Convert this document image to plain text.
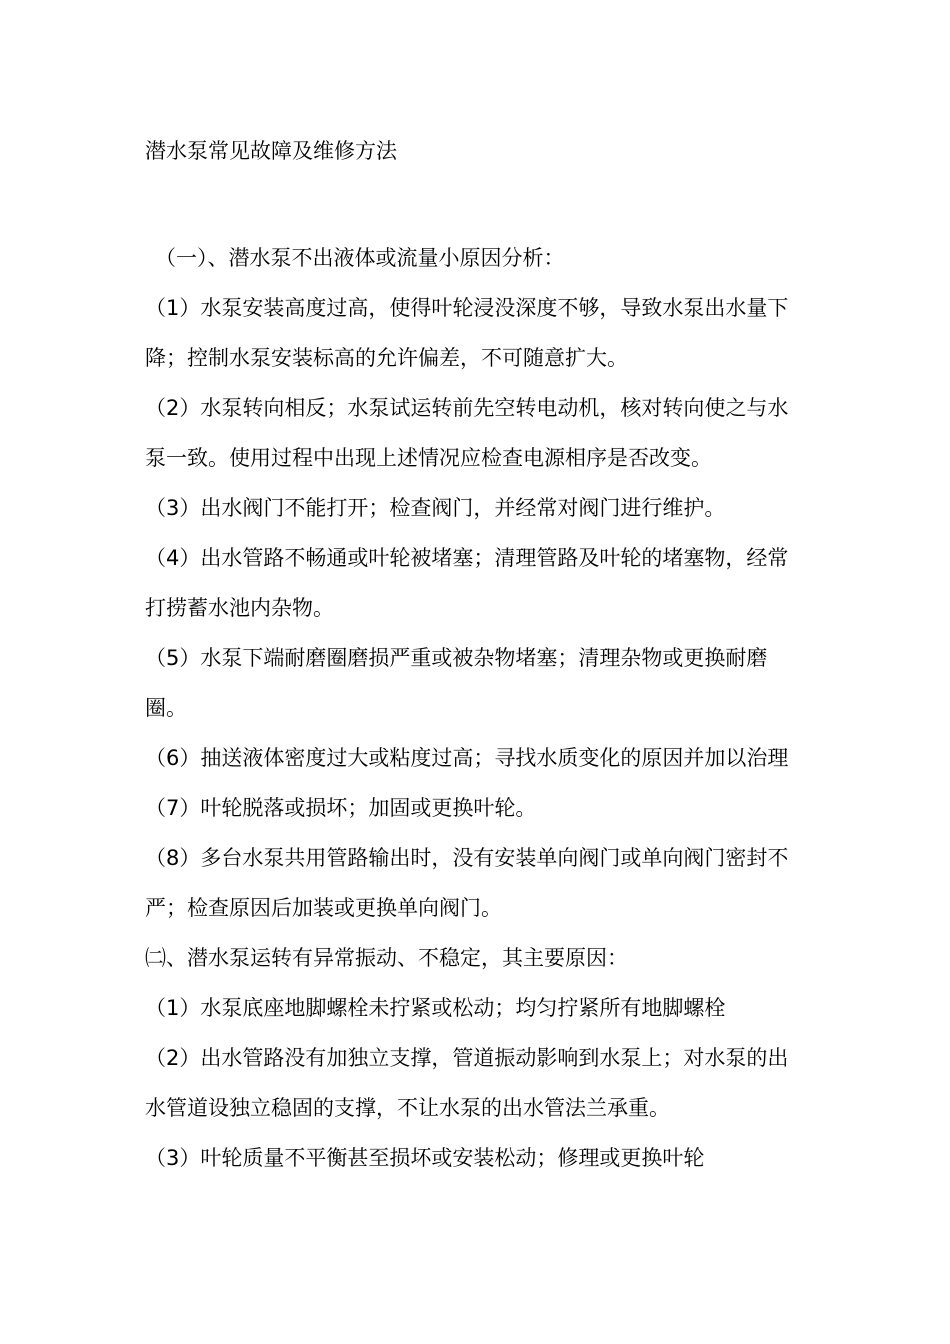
潜水泵常见故障及维修方法

（一）、潜水泵不出液体或流量小原因分析：

（1）水泵安装高度过高，使得叶轮浸没深度不够，导致水泵出水量下降；控制水泵安装标高的允许偏差，不可随意扩大。

（2）水泵转向相反；水泵试运转前先空转电动机，核对转向使之与水泵一致。使用过程中出现上述情况应检查电源相序是否改变。

（3）出水阀门不能打开；检查阀门，并经常对阀门进行维护。

（4）出水管路不畅通或叶轮被堵塞；清理管路及叶轮的堵塞物，经常打捞蓄水池内杂物。

（5）水泵下端耐磨圈磨损严重或被杂物堵塞；清理杂物或更换耐磨圈。

（6）抽送液体密度过大或粘度过高；寻找水质变化的原因并加以治理

（7）叶轮脱落或损坏；加固或更换叶轮。

（8）多台水泵共用管路输出时，没有安装单向阀门或单向阀门密封不严；检查原因后加装或更换单向阀门。

㈡、潜水泵运转有异常振动、不稳定，其主要原因：

（1）水泵底座地脚螺栓未拧紧或松动；均匀拧紧所有地脚螺栓

（2）出水管路没有加独立支撑，管道振动影响到水泵上；对水泵的出水管道设独立稳固的支撑，不让水泵的出水管法兰承重。

（3）叶轮质量不平衡甚至损坏或安装松动；修理或更换叶轮
